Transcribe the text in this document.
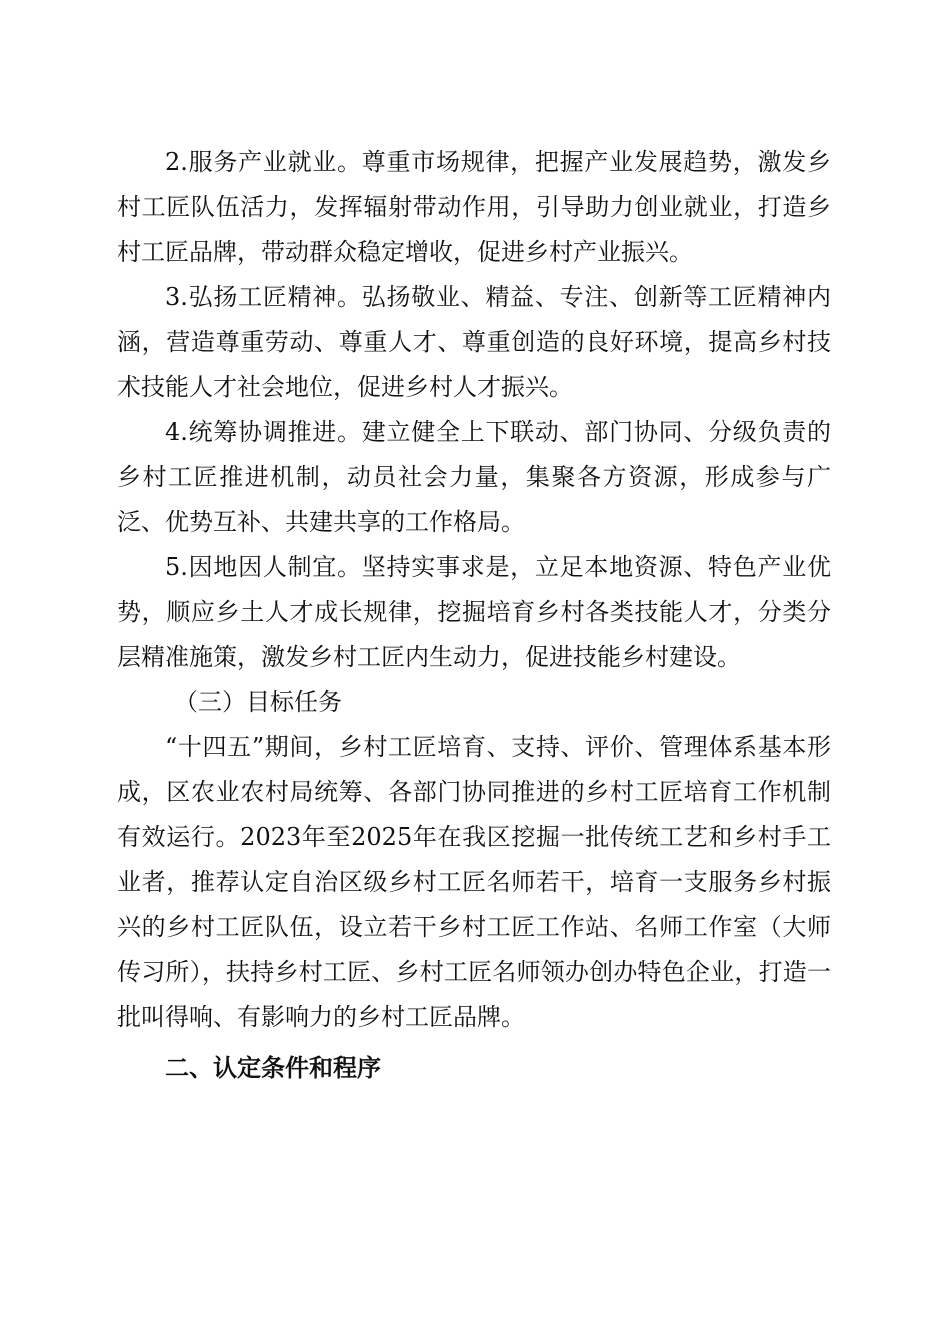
2.服务产业就业。尊重市场规律，把握产业发展趋势，激发乡村工匠队伍活力，发挥辐射带动作用，引导助力创业就业，打造乡村工匠品牌，带动群众稳定增收，促进乡村产业振兴。

3.弘扬工匠精神。弘扬敬业、精益、专注、创新等工匠精神内涵，营造尊重劳动、尊重人才、尊重创造的良好环境，提高乡村技术技能人才社会地位，促进乡村人才振兴。

4.统筹协调推进。建立健全上下联动、部门协同、分级负责的乡村工匠推进机制，动员社会力量，集聚各方资源，形成参与广泛、优势互补、共建共享的工作格局。

5.因地因人制宜。坚持实事求是，立足本地资源、特色产业优势，顺应乡土人才成长规律，挖掘培育乡村各类技能人才，分类分层精准施策，激发乡村工匠内生动力，促进技能乡村建设。

（三）目标任务

“十四五”期间，乡村工匠培育、支持、评价、管理体系基本形成，区农业农村局统筹、各部门协同推进的乡村工匠培育工作机制有效运行。2023年至2025年在我区挖掘一批传统工艺和乡村手工业者，推荐认定自治区级乡村工匠名师若干，培育一支服务乡村振兴的乡村工匠队伍，设立若干乡村工匠工作站、名师工作室（大师传习所），扶持乡村工匠、乡村工匠名师领办创办特色企业，打造一批叫得响、有影响力的乡村工匠品牌。

二、认定条件和程序
